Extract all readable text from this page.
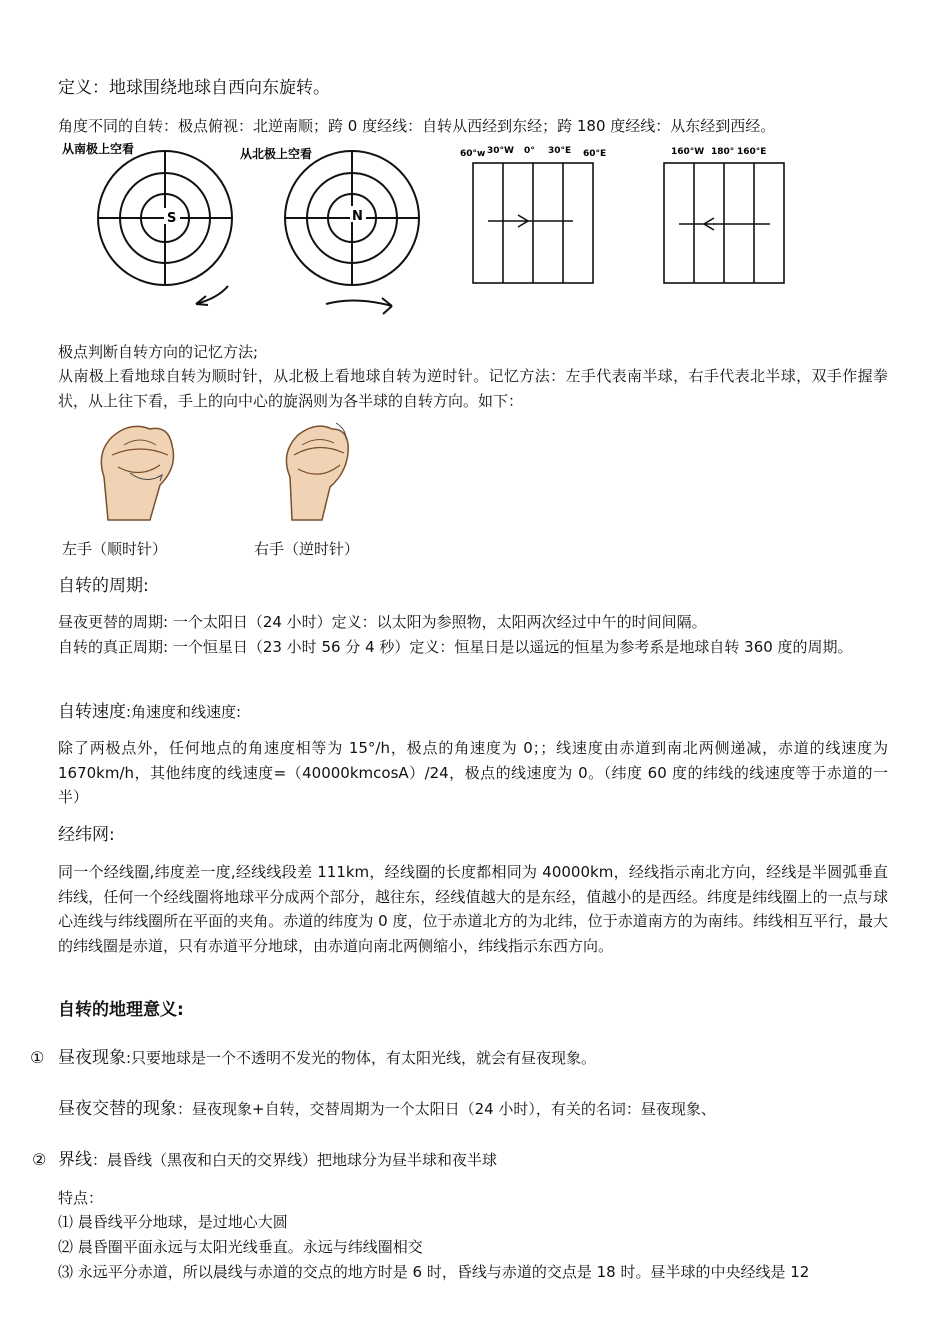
定义：地球围绕地球自西向东旋转。
角度不同的自转：极点俯视：北逆南顺；跨 0 度经线：自转从西经到东经；跨 180 度经线：从东经到西经。
从南极上空看
S
从北极上空看
N
60°w 30°W 0° 30°E 60°E	160°W 180° 160°E
极点判断自转方向的记忆方法;
从南极上看地球自转为顺时针，从北极上看地球自转为逆时针。记忆方法：左手代表南半球，右手代表北半球，双手作握拳状，从上往下看，手上的向中心的旋涡则为各半球的自转方向。如下：
左手（顺时针）	右手（逆时针）
自转的周期:
昼夜更替的周期: 一个太阳日（24 小时）定义：以太阳为参照物，太阳两次经过中午的时间间隔。
自转的真正周期: 一个恒星日（23 小时 56 分 4 秒）定义：恒星日是以遥远的恒星为参考系是地球自转 360 度的周期。
自转速度:角速度和线速度:
除了两极点外，任何地点的角速度相等为 15°/h，极点的角速度为 0；；线速度由赤道到南北两侧递减，赤道的线速度为 1670km/h，其他纬度的线速度=（40000kmcosA）/24，极点的线速度为 0。（纬度 60 度的纬线的线速度等于赤道的一半）
经纬网:
同一个经线圈,纬度差一度,经线线段差 111km，经线圈的长度都相同为 40000km，经线指示南北方向，经线是半圆弧垂直纬线，任何一个经线圈将地球平分成两个部分，越往东，经线值越大的是东经，值越小的是西经。纬度是纬线圈上的一点与球心连线与纬线圈所在平面的夹角。赤道的纬度为 0 度，位于赤道北方的为北纬，位于赤道南方的为南纬。纬线相互平行，最大的纬线圈是赤道，只有赤道平分地球，由赤道向南北两侧缩小，纬线指示东西方向。
自转的地理意义:
① 昼夜现象:只要地球是一个不透明不发光的物体，有太阳光线，就会有昼夜现象。
昼夜交替的现象：昼夜现象+自转，交替周期为一个太阳日（24 小时），有关的名词：昼夜现象、
② 界线：晨昏线（黑夜和白天的交界线）把地球分为昼半球和夜半球
特点：
⑴ 晨昏线平分地球，是过地心大圆
⑵ 晨昏圈平面永远与太阳光线垂直。永远与纬线圈相交
⑶ 永远平分赤道，所以晨线与赤道的交点的地方时是 6 时，昏线与赤道的交点是 18 时。昼半球的中央经线是 12
